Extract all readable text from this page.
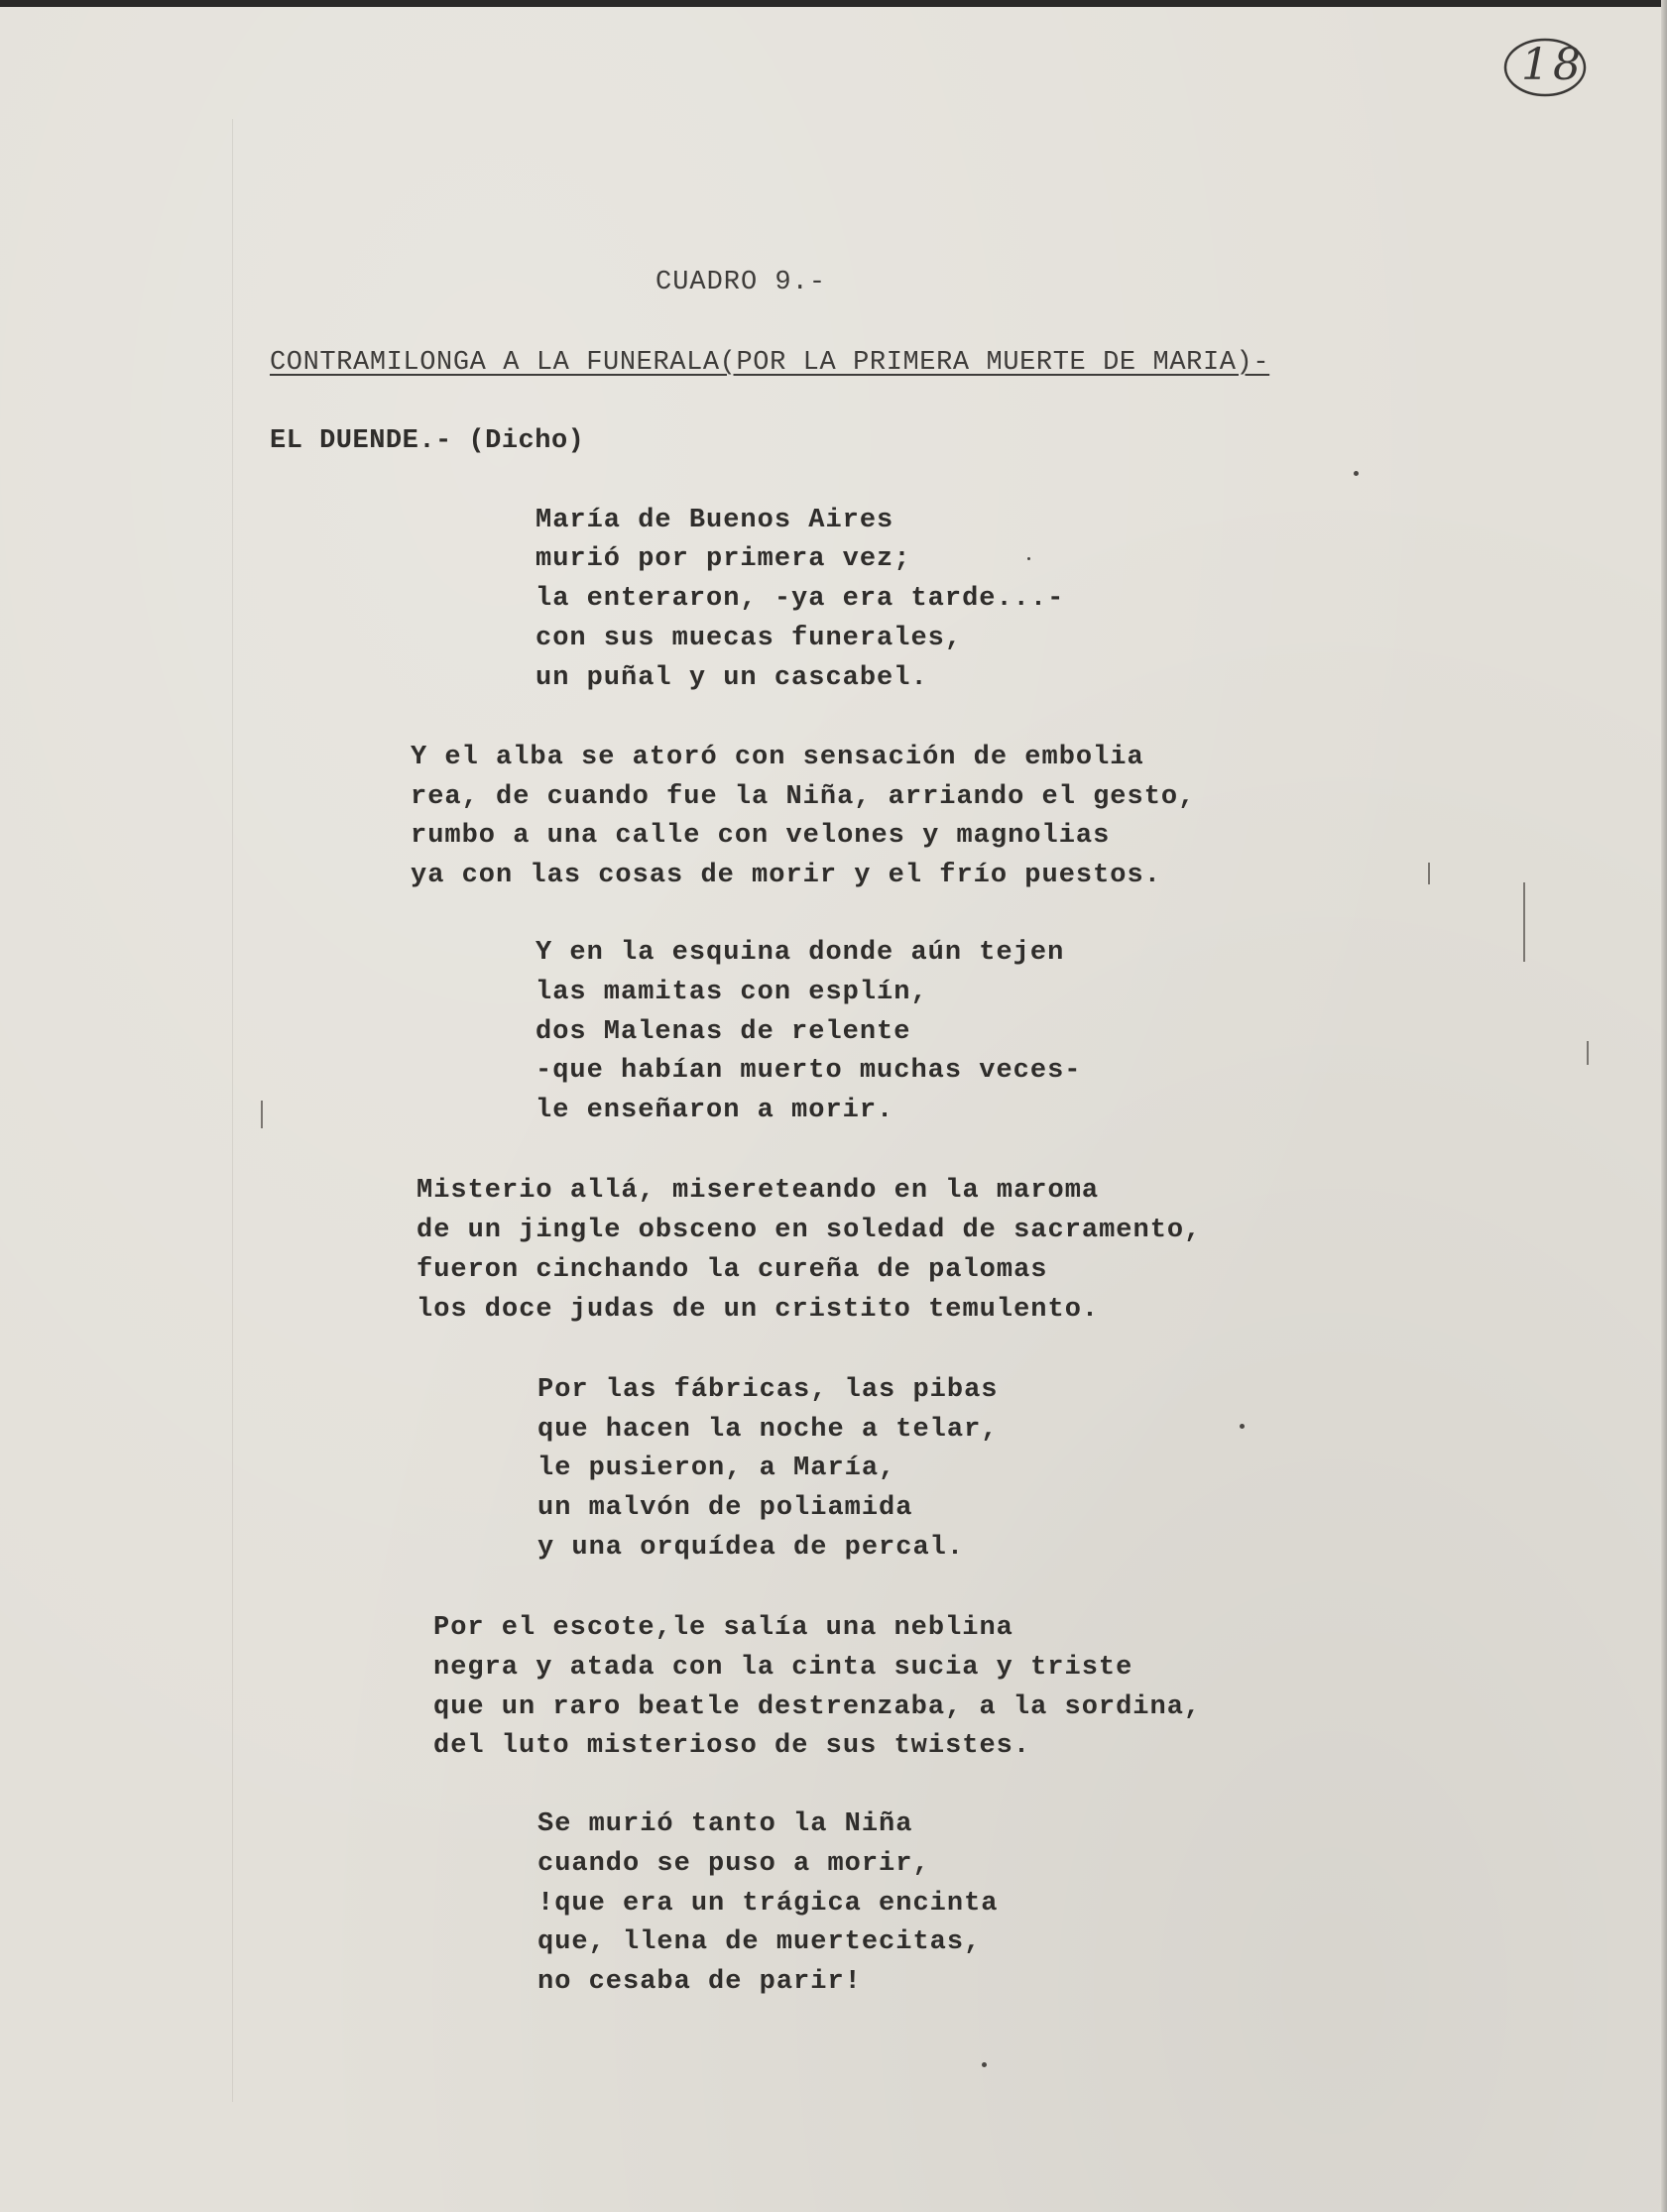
18
CUADRO 9.-
CONTRAMILONGA A LA FUNERALA(POR LA PRIMERA MUERTE DE MARIA)-
EL DUENDE.- (Dicho)
María de Buenos Aires
murió por primera vez;
la enteraron, -ya era tarde...-
con sus muecas funerales,
un puñal y un cascabel.
Y el alba se atoró con sensación de embolia
rea, de cuando fue la Niña, arriando el gesto,
rumbo a una calle con velones y magnolias
ya con las cosas de morir y el frío puestos.
Y en la esquina donde aún tejen
las mamitas con esplín,
dos Malenas de relente
-que habían muerto muchas veces-
le enseñaron a morir.
Misterio allá, misereteando en la maroma
de un jingle obsceno en soledad de sacramento,
fueron cinchando la cureña de palomas
los doce judas de un cristito temulento.
Por las fábricas, las pibas
que hacen la noche a telar,
le pusieron, a María,
un malvón de poliamida
y una orquídea de percal.
Por el escote,le salía una neblina
negra y atada con la cinta sucia y triste
que un raro beatle destrenzaba, a la sordina,
del luto misterioso de sus twistes.
Se murió tanto la Niña
cuando se puso a morir,
!que era un trágica encinta
que, llena de muertecitas,
no cesaba de parir!
